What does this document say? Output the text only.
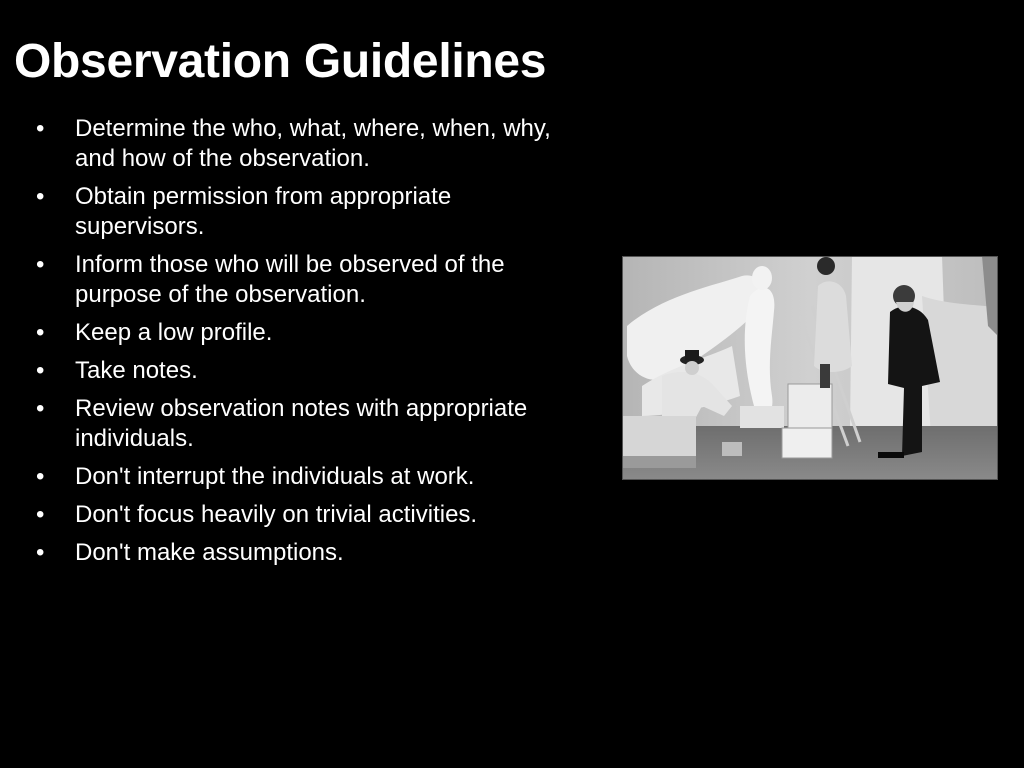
Observation Guidelines
•	Determine the who, what, where, when, why, and how of the observation.
•	Obtain permission from appropriate supervisors.
•	Inform those who will be observed of the purpose of the observation.
•	Keep a low profile.
•	Take notes.
•	Review observation notes with appropriate individuals.
•	Don't interrupt the individuals at work.
•	Don't focus heavily on trivial activities.
•	Don't make assumptions.
